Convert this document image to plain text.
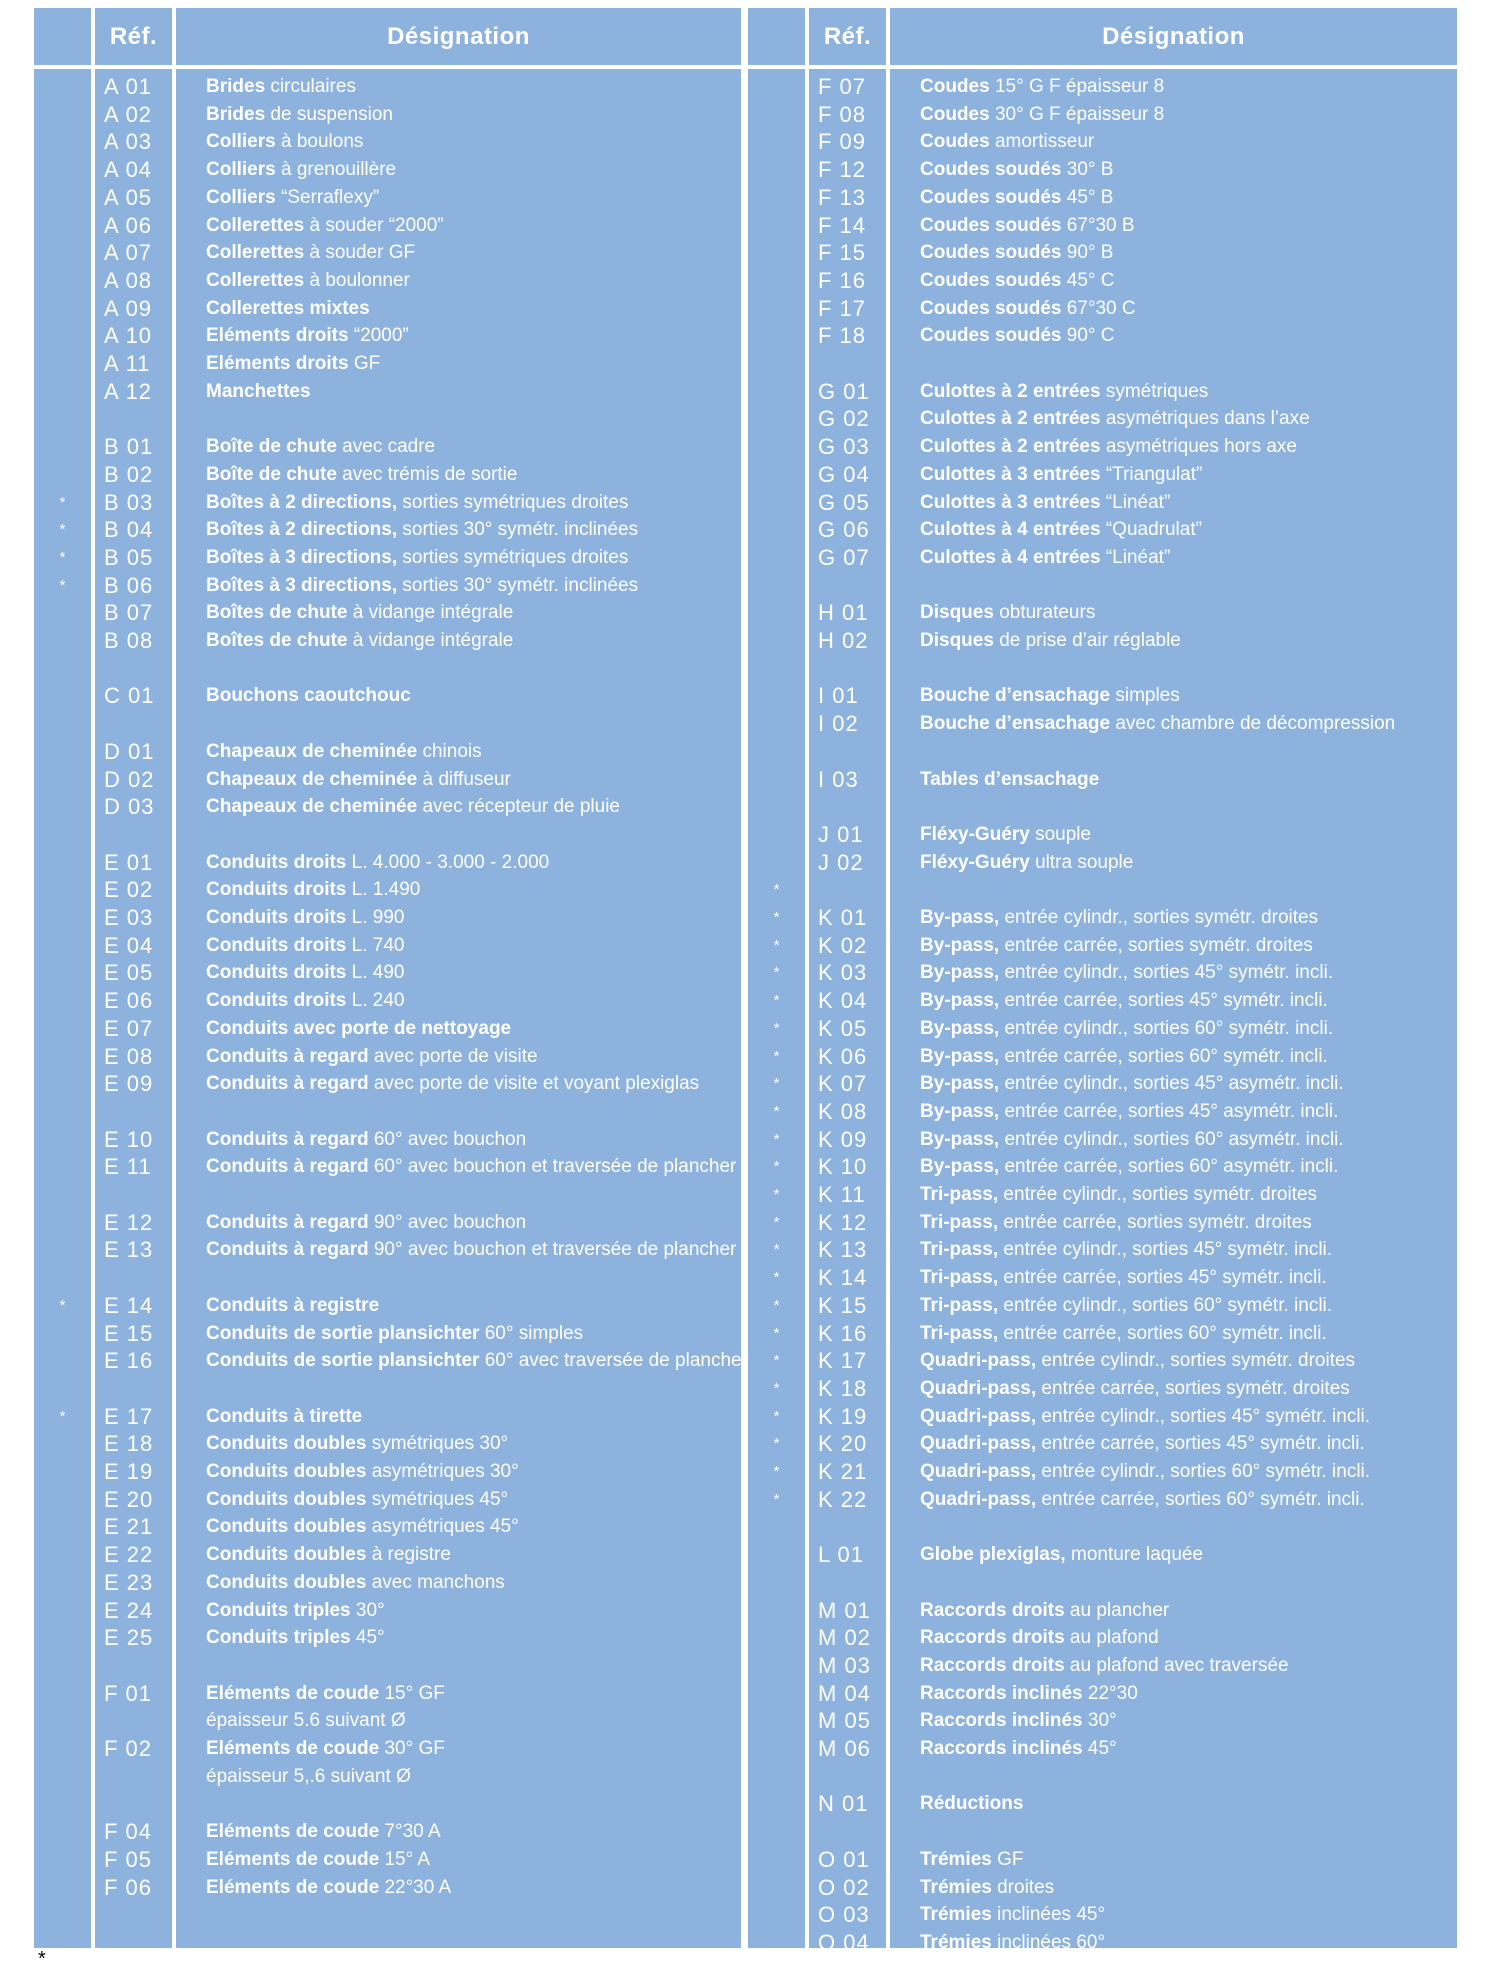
Réf.	Désignation
*
*
*
*
*
*
A 01
A 02
A 03
A 04
A 05
A 06
A 07
A 08
A 09
A 10
A 11
A 12
B 01
B 02
B 03
B 04
B 05
B 06
B 07
B 08
C 01
D 01
D 02
D 03
E 01
E 02
E 03
E 04
E 05
E 06
E 07
E 08
E 09
E 10
E 11
E 12
E 13
E 14
E 15
E 16
E 17
E 18
E 19
E 20
E 21
E 22
E 23
E 24
E 25
F 01
F 02
F 04
F 05
F 06
Brides circulaires
Brides de suspension
Colliers à boulons
Colliers à grenouillère
Colliers “Serraflexy”
Collerettes à souder “2000”
Collerettes à souder GF
Collerettes à boulonner
Collerettes mixtes
Eléments droits “2000”
Eléments droits GF
Manchettes
Boîte de chute avec cadre
Boîte de chute avec trémis de sortie
Boîtes à 2 directions, sorties symétriques droites
Boîtes à 2 directions, sorties 30° symétr. inclinées
Boîtes à 3 directions, sorties symétriques droites
Boîtes à 3 directions, sorties 30° symétr. inclinées
Boîtes de chute à vidange intégrale
Boîtes de chute à vidange intégrale
Bouchons caoutchouc
Chapeaux de cheminée chinois
Chapeaux de cheminée à diffuseur
Chapeaux de cheminée avec récepteur de pluie
Conduits droits L. 4.000 - 3.000 - 2.000
Conduits droits L. 1.490
Conduits droits L. 990
Conduits droits L. 740
Conduits droits L. 490
Conduits droits L. 240
Conduits avec porte de nettoyage
Conduits à regard avec porte de visite
Conduits à regard avec porte de visite et voyant plexiglas
Conduits à regard 60° avec bouchon
Conduits à regard 60° avec bouchon et traversée de plancher
Conduits à regard 90° avec bouchon
Conduits à regard 90° avec bouchon et traversée de plancher
Conduits à registre
Conduits de sortie plansichter 60° simples
Conduits de sortie plansichter 60° avec traversée de plancher
Conduits à tirette
Conduits doubles symétriques 30°
Conduits doubles asymétriques 30°
Conduits doubles symétriques 45°
Conduits doubles asymétriques 45°
Conduits doubles à registre
Conduits doubles avec manchons
Conduits triples 30°
Conduits triples 45°
Eléments de coude 15° GF
épaisseur 5.6 suivant Ø
Eléments de coude 30° GF
épaisseur 5,.6 suivant Ø
Eléments de coude 7°30 A
Eléments de coude 15° A
Eléments de coude 22°30 A
Réf.	Désignation
*
*
*
*
*
*
*
*
*
*
*
*
*
*
*
*
*
*
*
*
*
*
*
F 07
F 08
F 09
F 12
F 13
F 14
F 15
F 16
F 17
F 18
G 01
G 02
G 03
G 04
G 05
G 06
G 07
H 01
H 02
I 01
I 02
I 03
J 01
J 02
K 01
K 02
K 03
K 04
K 05
K 06
K 07
K 08
K 09
K 10
K 11
K 12
K 13
K 14
K 15
K 16
K 17
K 18
K 19
K 20
K 21
K 22
L 01
M 01
M 02
M 03
M 04
M 05
M 06
N 01
O 01
O 02
O 03
O 04
Coudes 15° G F épaisseur 8
Coudes 30° G F épaisseur 8
Coudes amortisseur
Coudes soudés 30° B
Coudes soudés 45° B
Coudes soudés 67°30 B
Coudes soudés 90° B
Coudes soudés 45° C
Coudes soudés 67°30 C
Coudes soudés 90° C
Culottes à 2 entrées symétriques
Culottes à 2 entrées asymétriques dans l’axe
Culottes à 2 entrées asymétriques hors axe
Culottes à 3 entrées “Triangulat”
Culottes à 3 entrées “Linéat”
Culottes à 4 entrées “Quadrulat”
Culottes à 4 entrées “Linéat”
Disques obturateurs
Disques de prise d’air réglable
Bouche d’ensachage simples
Bouche d’ensachage avec chambre de décompression
Tables d’ensachage
Fléxy-Guéry souple
Fléxy-Guéry ultra souple
By-pass, entrée cylindr., sorties symétr. droites
By-pass, entrée carrée, sorties symétr. droites
By-pass, entrée cylindr., sorties 45° symétr. incli.
By-pass, entrée carrée, sorties 45° symétr. incli.
By-pass, entrée cylindr., sorties 60° symétr. incli.
By-pass, entrée carrée, sorties 60° symétr. incli.
By-pass, entrée cylindr., sorties 45° asymétr. incli.
By-pass, entrée carrée, sorties 45° asymétr. incli.
By-pass, entrée cylindr., sorties 60° asymétr. incli.
By-pass, entrée carrée, sorties 60° asymétr. incli.
Tri-pass, entrée cylindr., sorties symétr. droites
Tri-pass, entrée carrée, sorties symétr. droites
Tri-pass, entrée cylindr., sorties 45° symétr. incli.
Tri-pass, entrée carrée, sorties 45° symétr. incli.
Tri-pass, entrée cylindr., sorties 60° symétr. incli.
Tri-pass, entrée carrée, sorties 60° symétr. incli.
Quadri-pass, entrée cylindr., sorties symétr. droites
Quadri-pass, entrée carrée, sorties symétr. droites
Quadri-pass, entrée cylindr., sorties 45° symétr. incli.
Quadri-pass, entrée carrée, sorties 45° symétr. incli.
Quadri-pass, entrée cylindr., sorties 60° symétr. incli.
Quadri-pass, entrée carrée, sorties 60° symétr. incli.
Globe plexiglas, monture laquée
Raccords droits au plancher
Raccords droits au plafond
Raccords droits au plafond avec traversée
Raccords inclinés 22°30
Raccords inclinés 30°
Raccords inclinés 45°
Réductions
Trémies GF
Trémies droites
Trémies inclinées 45°
Trémies inclinées 60°
*
